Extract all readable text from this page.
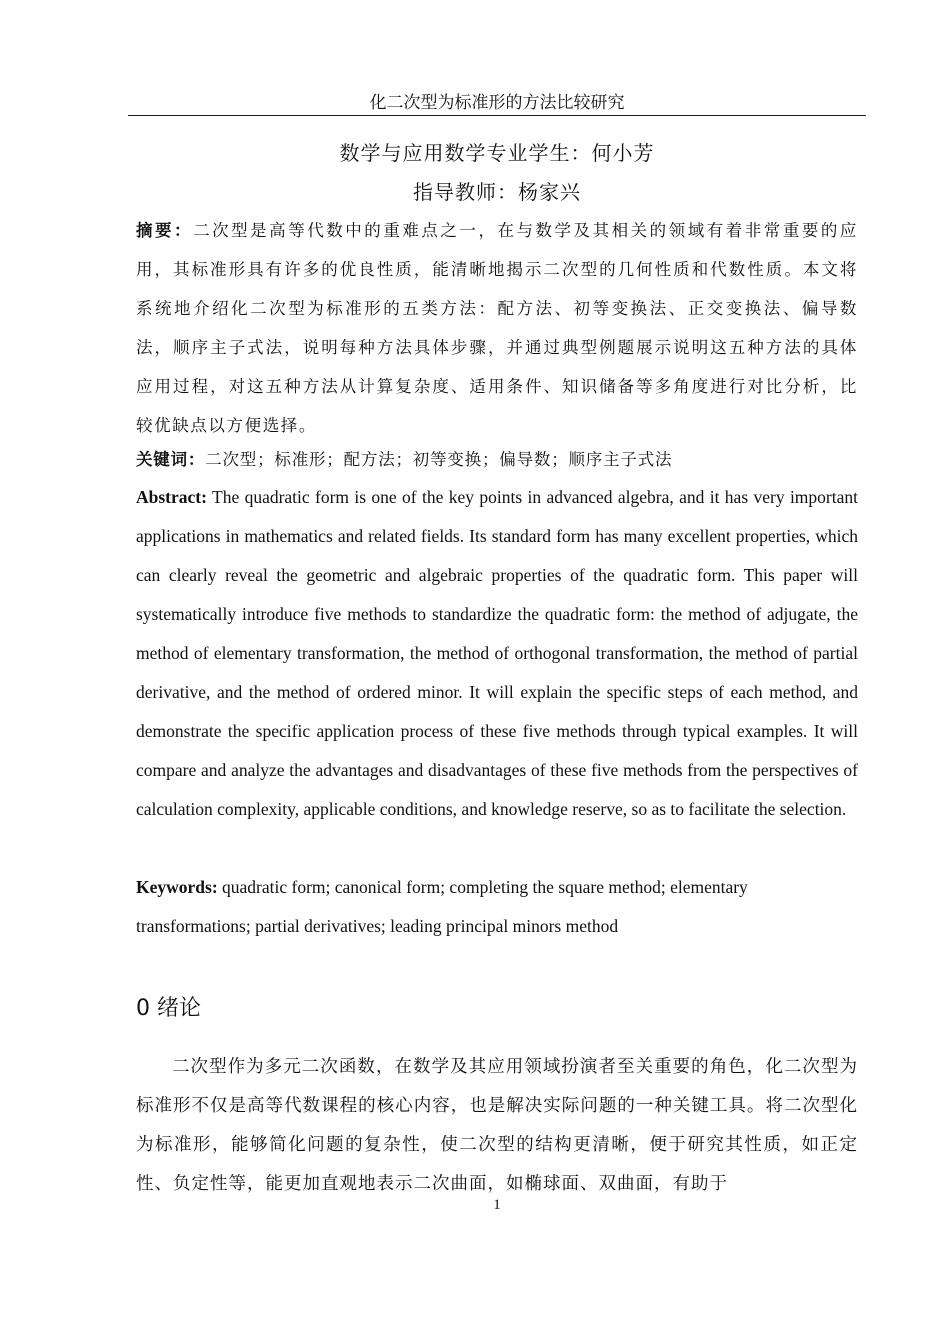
化二次型为标准形的方法比较研究
数学与应用数学专业学生：何小芳
指导教师：杨家兴
摘要：二次型是高等代数中的重难点之一，在与数学及其相关的领域有着非常重要的应用，其标准形具有许多的优良性质，能清晰地揭示二次型的几何性质和代数性质。本文将系统地介绍化二次型为标准形的五类方法：配方法、初等变换法、正交变换法、偏导数法，顺序主子式法，说明每种方法具体步骤，并通过典型例题展示说明这五种方法的具体应用过程，对这五种方法从计算复杂度、适用条件、知识储备等多角度进行对比分析，比较优缺点以方便选择。
关键词：二次型；标准形；配方法；初等变换；偏导数；顺序主子式法
Abstract: The quadratic form is one of the key points in advanced algebra, and it has very important applications in mathematics and related fields. Its standard form has many excellent properties, which can clearly reveal the geometric and algebraic properties of the quadratic form. This paper will systematically introduce five methods to standardize the quadratic form: the method of adjugate, the method of elementary transformation, the method of orthogonal transformation, the method of partial derivative, and the method of ordered minor. It will explain the specific steps of each method, and demonstrate the specific application process of these five methods through typical examples. It will compare and analyze the advantages and disadvantages of these five methods from the perspectives of calculation complexity, applicable conditions, and knowledge reserve, so as to facilitate the selection.
Keywords: quadratic form; canonical form; completing the square method; elementary transformations; partial derivatives; leading principal minors method
0 绪论
二次型作为多元二次函数，在数学及其应用领域扮演者至关重要的角色，化二次型为标准形不仅是高等代数课程的核心内容，也是解决实际问题的一种关键工具。将二次型化为标准形，能够简化问题的复杂性，使二次型的结构更清晰，便于研究其性质，如正定性、负定性等，能更加直观地表示二次曲面，如椭球面、双曲面，有助于
1
